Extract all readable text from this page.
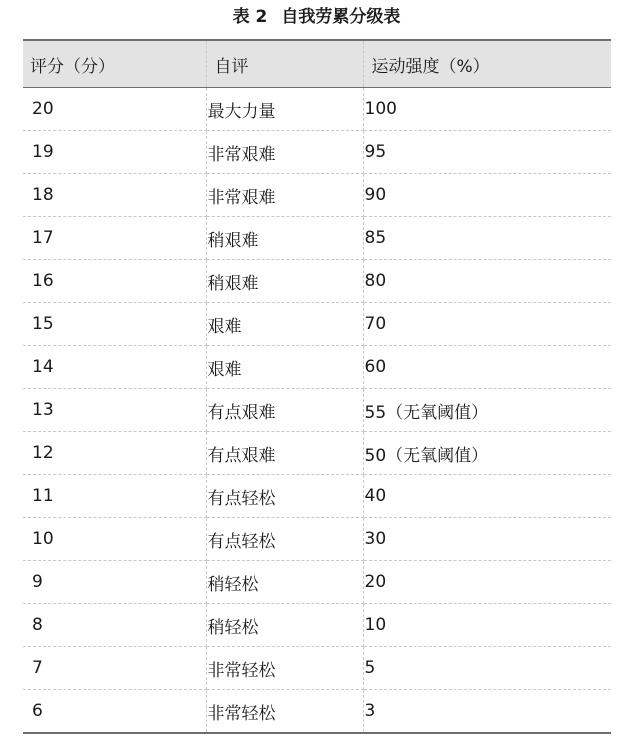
表 2 自我劳累分级表
评分（分）	自评	运动强度（%）
20	最大力量	100
19	非常艰难	95
18	非常艰难	90
17	稍艰难	85
16	稍艰难	80
15	艰难	70
14	艰难	60
13	有点艰难	55（无氧阈值）
12	有点艰难	50（无氧阈值）
11	有点轻松	40
10	有点轻松	30
9	稍轻松	20
8	稍轻松	10
7	非常轻松	5
6	非常轻松	3
